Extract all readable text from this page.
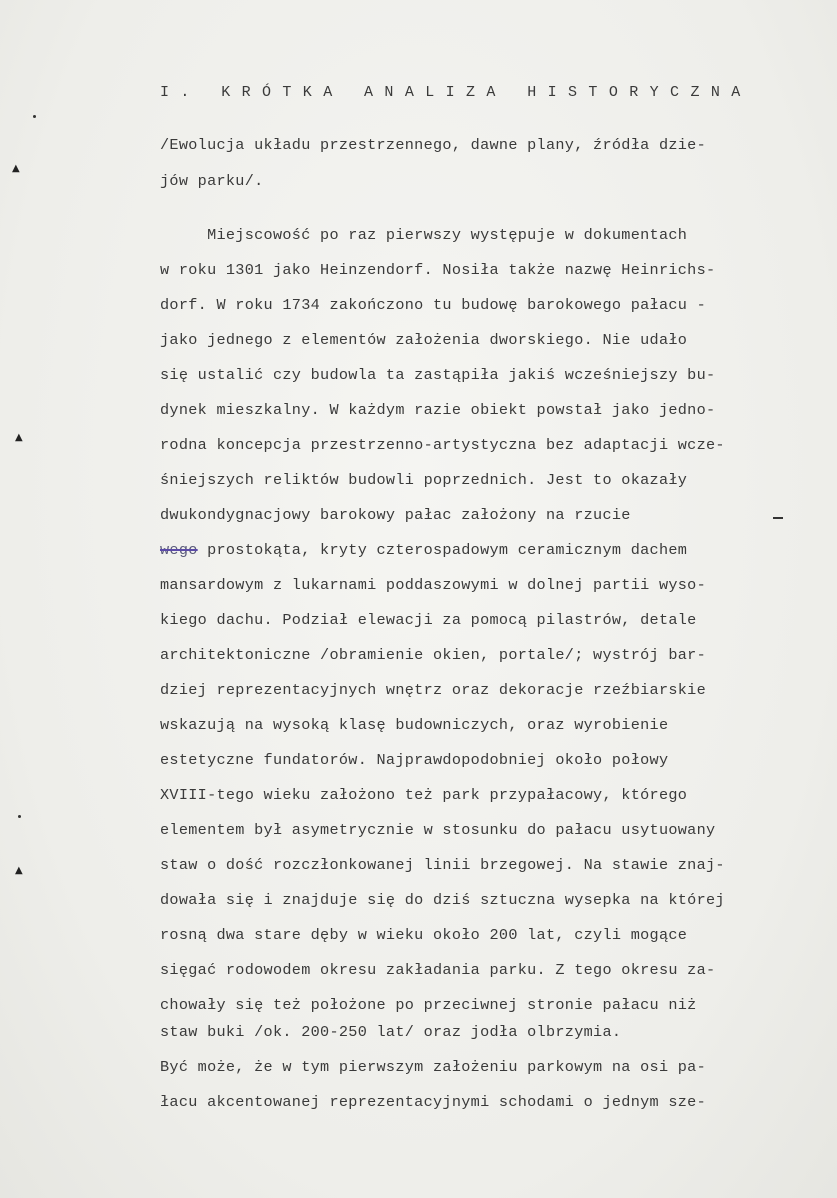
▲
▲
▲
I. KRÓTKA ANALIZA HISTORYCZNA
/Ewolucja układu przestrzennego, dawne plany, źródła dzie-
jów parku/.
Miejscowość po raz pierwszy występuje w dokumentach
w roku 1301 jako Heinzendorf. Nosiła także nazwę Heinrichs-
dorf. W roku 1734 zakończono tu budowę barokowego pałacu -
jako jednego z elementów założenia dworskiego. Nie udało
się ustalić czy budowla ta zastąpiła jakiś wcześniejszy bu-
dynek mieszkalny. W każdym razie obiekt powstał jako jedno-
rodna koncepcja przestrzenno-artystyczna bez adaptacji wcze-
śniejszych reliktów budowli poprzednich. Jest to okazały
dwukondygnacjowy barokowy pałac założony na rzucie
wego prostokąta, kryty czterospadowym ceramicznym dachem
mansardowym z lukarnami poddaszowymi w dolnej partii wyso-
kiego dachu. Podział elewacji za pomocą pilastrów, detale
architektoniczne /obramienie okien, portale/; wystrój bar-
dziej reprezentacyjnych wnętrz oraz dekoracje rzeźbiarskie
wskazują na wysoką klasę budowniczych, oraz wyrobienie
estetyczne fundatorów. Najprawdopodobniej około połowy
XVIII-tego wieku założono też park przypałacowy, którego
elementem był asymetrycznie w stosunku do pałacu usytuowany
staw o dość rozczłonkowanej linii brzegowej. Na stawie znaj-
dowała się i znajduje się do dziś sztuczna wysepka na której
rosną dwa stare dęby w wieku około 200 lat, czyli mogące
sięgać rodowodem okresu zakładania parku. Z tego okresu za-
chowały się też położone po przeciwnej stronie pałacu niż
staw buki /ok. 200-250 lat/ oraz jodła olbrzymia.
Być może, że w tym pierwszym założeniu parkowym na osi pa-
łacu akcentowanej reprezentacyjnymi schodami o jednym sze-
